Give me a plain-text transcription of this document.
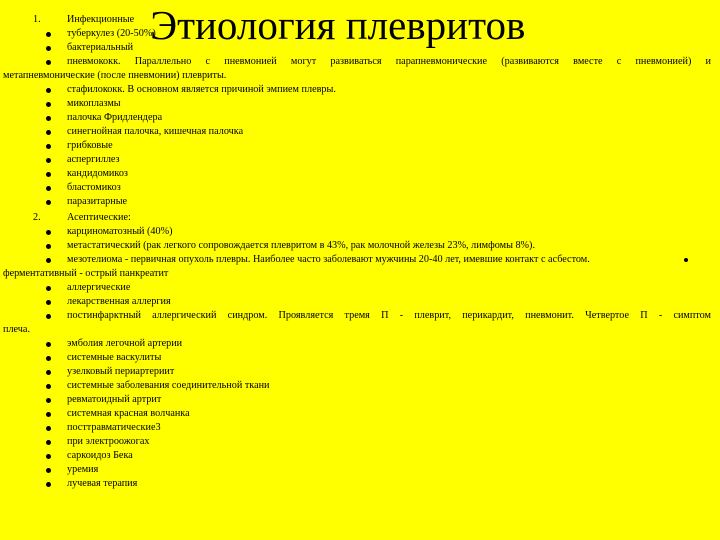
Этиология плевритов
1.	Инфекционные
туберкулез (20-50%)
бактериальный
пневмококк. Параллельно с пневмонией могут развиваться парапневмонические (развиваются вместе с пневмонией) и
метапневмонические (после пневмонии) плевриты.
стафилококк. В основном является причиной эмпием плевры.
микоплазмы
палочка Фридлендера
синегнойная палочка, кишечная палочка
грибковые
аспергиллез
кандидомикоз
бластомикоз
паразитарные
2.	Асептические:
карциноматозный (40%)
метастатический (рак легкого сопровождается плевритом в 43%, рак молочной железы 23%, лимфомы 8%).
мезотелиома - первичная опухоль плевры. Наиболее часто заболевают мужчины 20-40 лет, имевшие контакт с асбестом.
ферментативный - острый панкреатит
аллергические
лекарственная аллергия
постинфарктный аллергический синдром. Проявляется тремя П - плеврит, перикардит, пневмонит. Четвертое П - симптом
плеча.
эмболия легочной артерии
системные васкулиты
узелковый периартериит
системные заболевания соединительной ткани
ревматоидный артрит
системная красная волчанка
посттравматические3
при электроожогах
саркоидоз Бека
уремия
лучевая терапия
